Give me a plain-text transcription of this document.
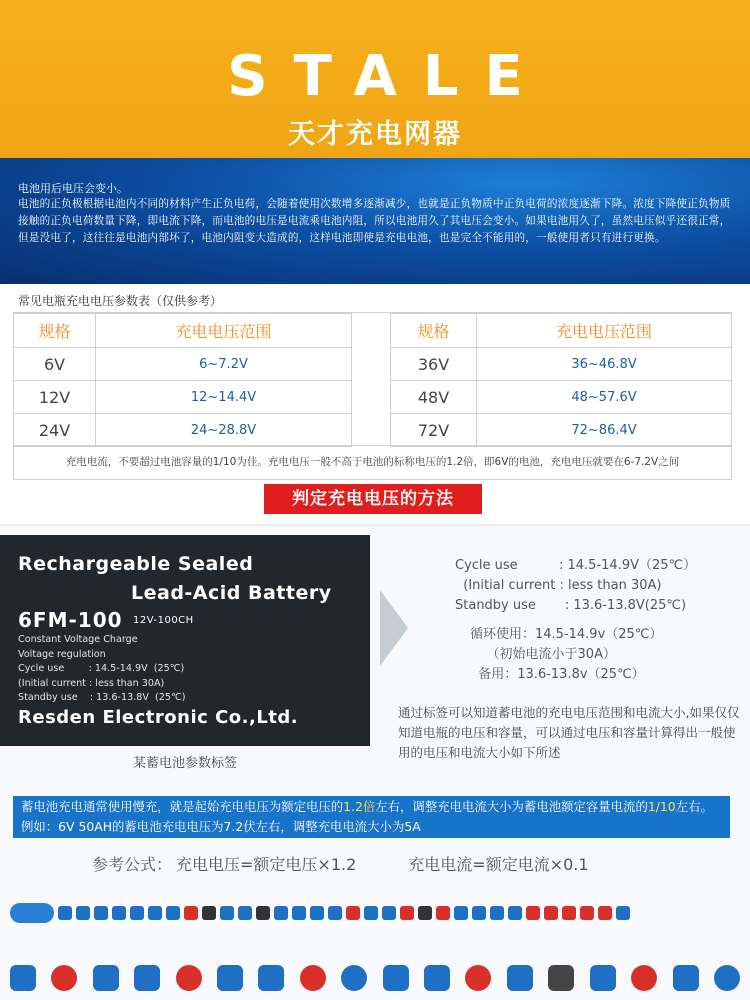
STALE
天才充电网器
电池用后电压会变小。
电池的正负极根据电池内不同的材料产生正负电荷，会随着使用次数增多逐渐减少，也就是正负物质中正负电荷的浓度逐渐下降。浓度下降使正负物质接触的正负电荷数量下降，即电流下降，而电池的电压是电流乘电池内阻，所以电池用久了其电压会变小。如果电池用久了，虽然电压似乎还很正常，但是没电了，这往往是电池内部坏了，电池内阻变大造成的，这样电池即使是充电电池，也是完全不能用的，一般使用者只有进行更换。
常见电瓶充电电压参数表（仅供参考）
规格	充电电压范围
6V	6~7.2V
12V	12~14.4V
24V	24~28.8V
规格	充电电压范围
36V	36~46.8V
48V	48~57.6V
72V	72~86.4V
充电电流，不要超过电池容量的1/10为佳。充电电压一般不高于电池的标称电压的1.2倍，即6V的电池，充电电压就要在6-7.2V之间
判定充电电压的方法
Rechargeable Sealed
Lead-Acid Battery
6FM-100 12V-100CH
Constant Voltage Charge
Voltage regulation
Cycle use        : 14.5-14.9V  (25℃)
(Initial current : less than 30A)
Standby use    : 13.6-13.8V  (25℃)
Resden Electronic Co.,Ltd.
某蓄电池参数标签
Cycle use          : 14.5-14.9V（25℃）
(Initial current : less than 30A)
Standby use       : 13.6-13.8V(25℃)
循环使用：14.5-14.9v（25℃）
（初始电流小于30A）
备用：13.6-13.8v（25℃）
通过标签可以知道蓄电池的充电电压范围和电流大小,如果仅仅知道电瓶的电压和容量，可以通过电压和容量计算得出一般使用的电压和电流大小如下所述
蓄电池充电通常使用慢充，就是起始充电电压为额定电压的1.2倍左右，调整充电电流大小为蓄电池额定容量电流的1/10左右。例如：6V 50AH的蓄电池充电电压为7.2伏左右，调整充电电流大小为5A
参考公式： 充电电压=额定电压×1.2	充电电流=额定电流×0.1
